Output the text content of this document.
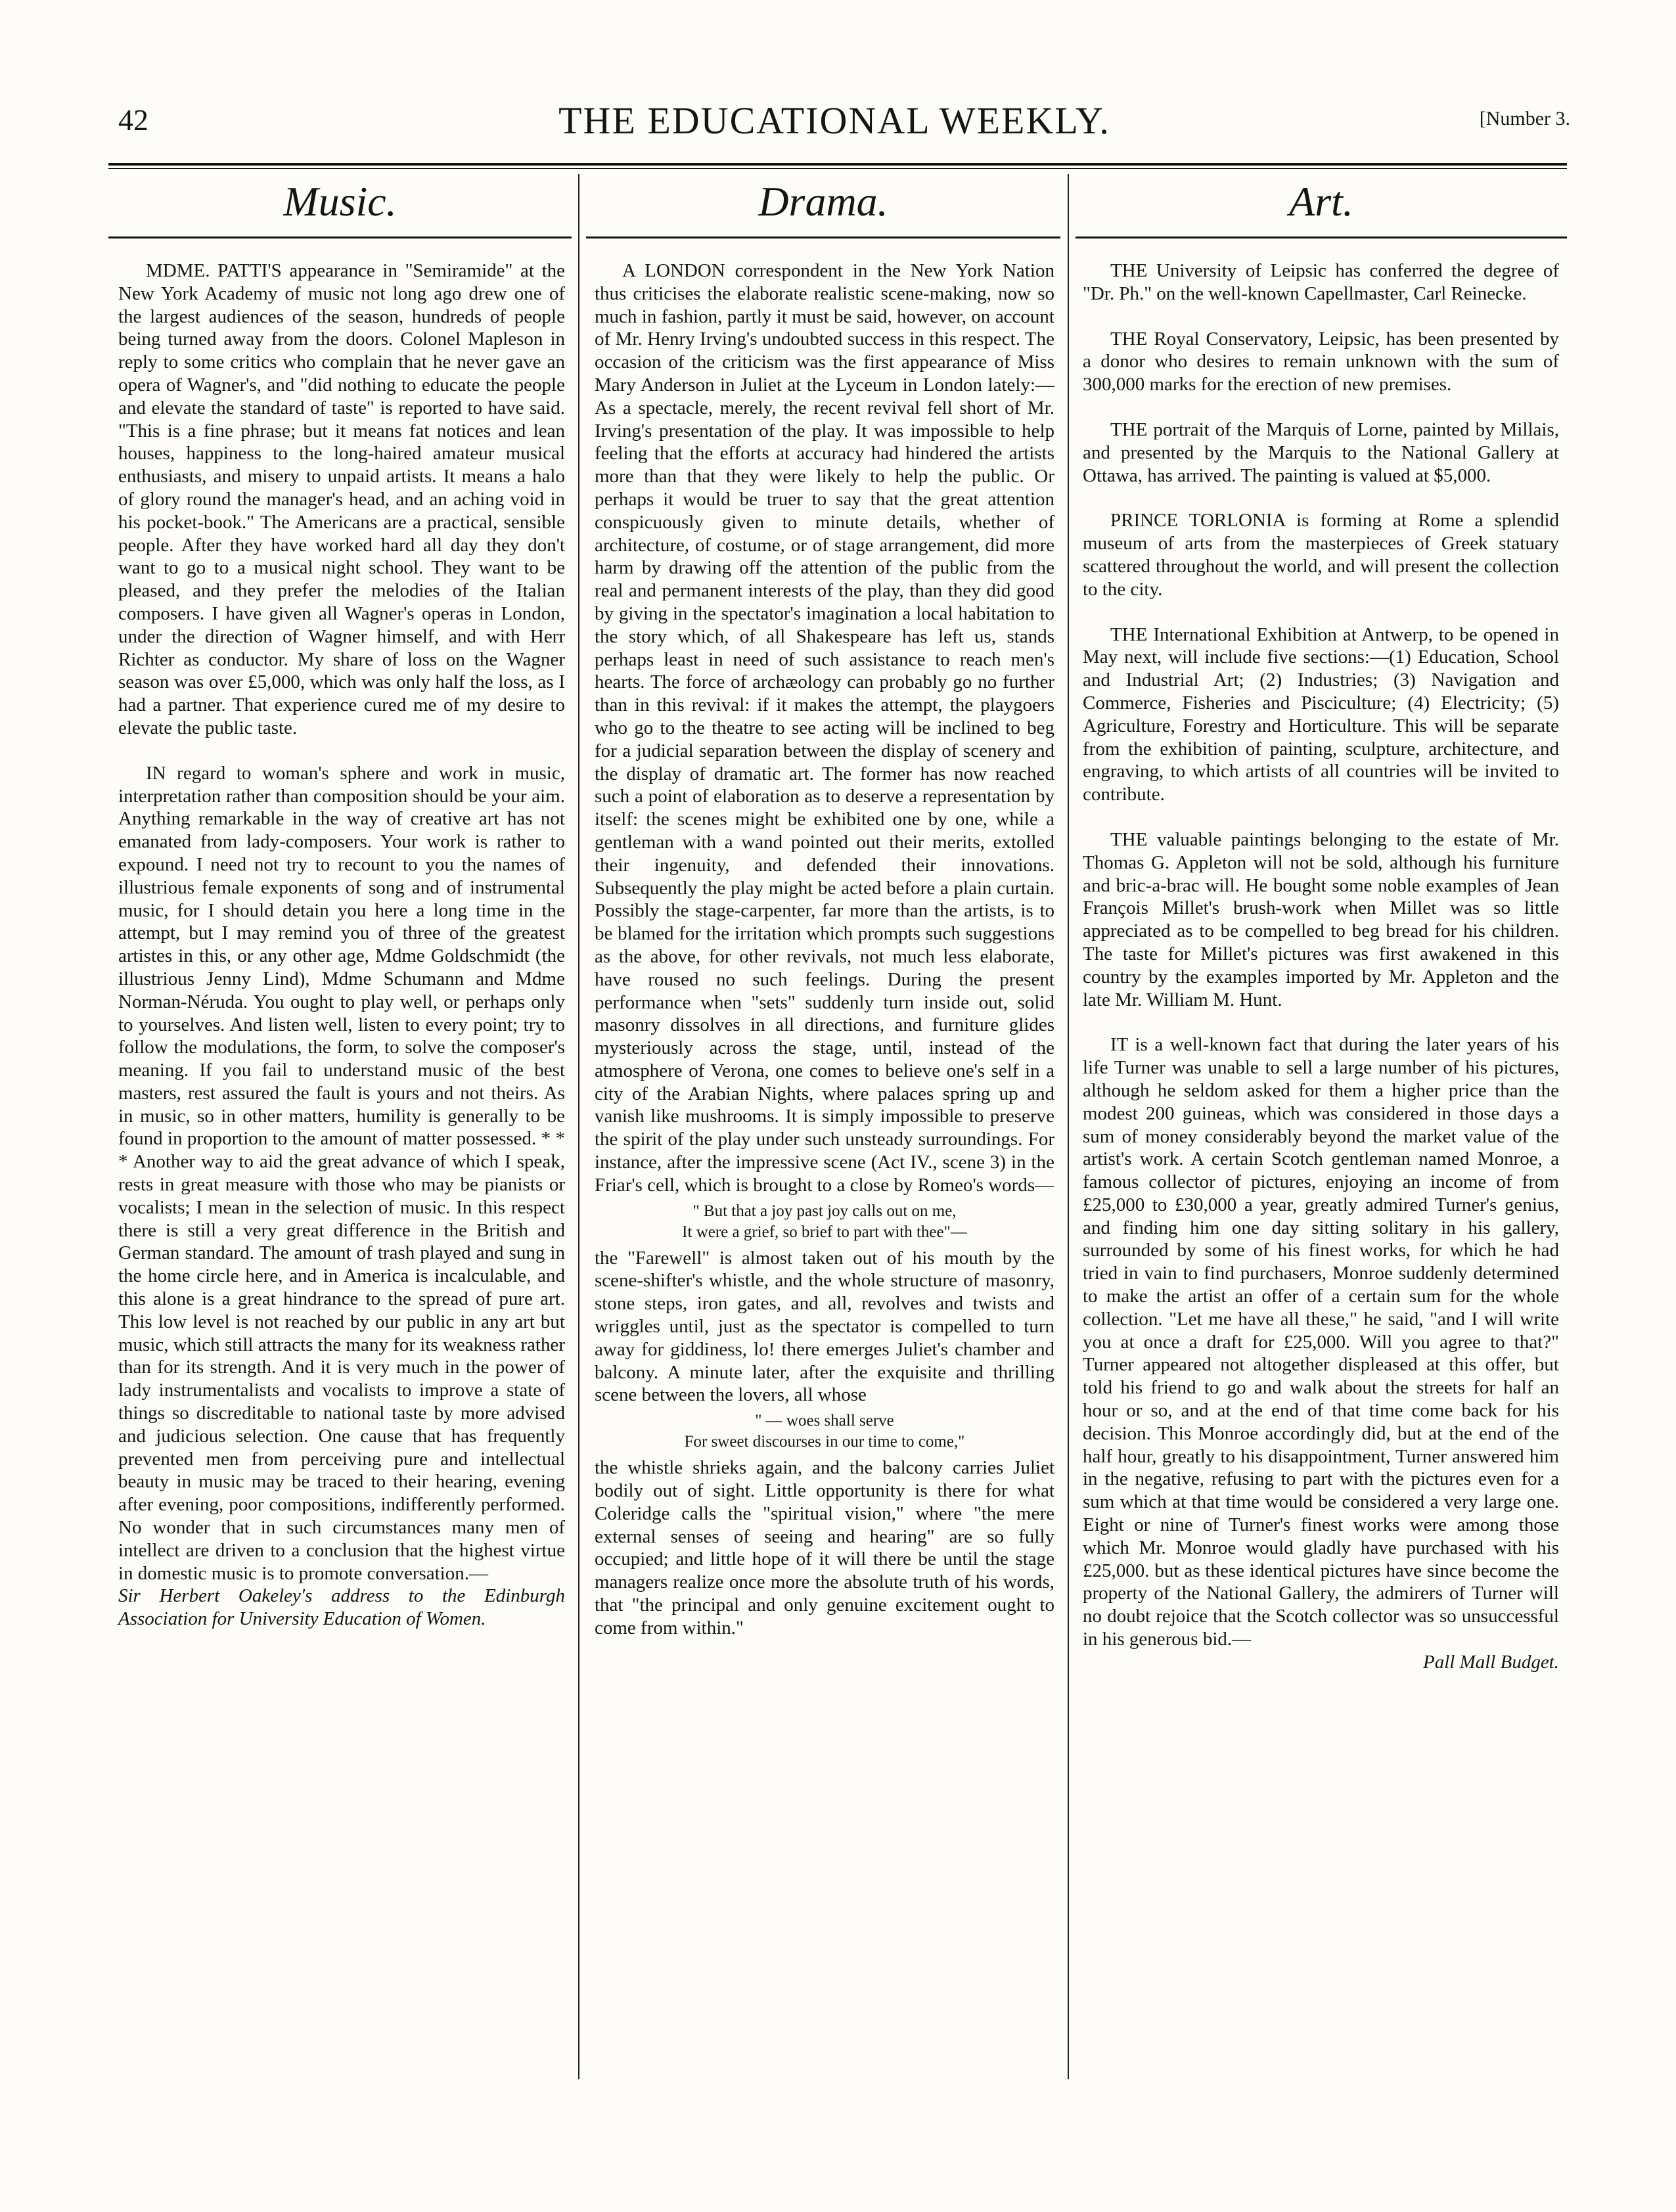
42	THE EDUCATIONAL WEEKLY.	[Number 3.
Music.	Drama.	Art.

MDME. PATTI'S appearance in "Semiramide" at the New York Academy of music not long ago drew one of the largest audiences of the season, hundreds of people being turned away from the doors. Colonel Mapleson in reply to some critics who complain that he never gave an opera of Wagner's, and "did nothing to educate the people and elevate the standard of taste" is reported to have said. "This is a fine phrase; but it means fat notices and lean houses, happiness to the long-haired amateur musical enthusiasts, and misery to unpaid artists. It means a halo of glory round the manager's head, and an aching void in his pocket-book." The Americans are a practical, sensible people. After they have worked hard all day they don't want to go to a musical night school. They want to be pleased, and they prefer the melodies of the Italian composers. I have given all Wagner's operas in London, under the direction of Wagner himself, and with Herr Richter as conductor. My share of loss on the Wagner season was over £5,000, which was only half the loss, as I had a partner. That experience cured me of my desire to elevate the public taste.

IN regard to woman's sphere and work in music, interpretation rather than composition should be your aim. Anything remarkable in the way of creative art has not emanated from lady-composers. Your work is rather to expound. I need not try to recount to you the names of illustrious female exponents of song and of instrumental music, for I should detain you here a long time in the attempt, but I may remind you of three of the greatest artistes in this, or any other age, Mdme Goldschmidt (the illustrious Jenny Lind), Mdme Schumann and Mdme Norman-Néruda. You ought to play well, or perhaps only to yourselves. And listen well, listen to every point; try to follow the modulations, the form, to solve the composer's meaning. If you fail to understand music of the best masters, rest assured the fault is yours and not theirs. As in music, so in other matters, humility is generally to be found in proportion to the amount of matter possessed. * * * Another way to aid the great advance of which I speak, rests in great measure with those who may be pianists or vocalists; I mean in the selection of music. In this respect there is still a very great difference in the British and German standard. The amount of trash played and sung in the home circle here, and in America is incalculable, and this alone is a great hindrance to the spread of pure art. This low level is not reached by our public in any art but music, which still attracts the many for its weakness rather than for its strength. And it is very much in the power of lady instrumentalists and vocalists to improve a state of things so discreditable to national taste by more advised and judicious selection. One cause that has frequently prevented men from perceiving pure and intellectual beauty in music may be traced to their hearing, evening after evening, poor compositions, indifferently performed. No wonder that in such circumstances many men of intellect are driven to a conclusion that the highest virtue in domestic music is to promote conversation.—

Sir Herbert Oakeley's address to the Edinburgh Association for University Education of Women.

A LONDON correspondent in the New York Nation thus criticises the elaborate realistic scene-making, now so much in fashion, partly it must be said, however, on account of Mr. Henry Irving's undoubted success in this respect. The occasion of the criticism was the first appearance of Miss Mary Anderson in Juliet at the Lyceum in London lately:—As a spectacle, merely, the recent revival fell short of Mr. Irving's presentation of the play. It was impossible to help feeling that the efforts at accuracy had hindered the artists more than that they were likely to help the public. Or perhaps it would be truer to say that the great attention conspicuously given to minute details, whether of architecture, of costume, or of stage arrangement, did more harm by drawing off the attention of the public from the real and permanent interests of the play, than they did good by giving in the spectator's imagination a local habitation to the story which, of all Shakespeare has left us, stands perhaps least in need of such assistance to reach men's hearts. The force of archæology can probably go no further than in this revival: if it makes the attempt, the playgoers who go to the theatre to see acting will be inclined to beg for a judicial separation between the display of scenery and the display of dramatic art. The former has now reached such a point of elaboration as to deserve a representation by itself: the scenes might be exhibited one by one, while a gentleman with a wand pointed out their merits, extolled their ingenuity, and defended their innovations. Subsequently the play might be acted before a plain curtain. Possibly the stage-carpenter, far more than the artists, is to be blamed for the irritation which prompts such suggestions as the above, for other revivals, not much less elaborate, have roused no such feelings. During the present performance when "sets" suddenly turn inside out, solid masonry dissolves in all directions, and furniture glides mysteriously across the stage, until, instead of the atmosphere of Verona, one comes to believe one's self in a city of the Arabian Nights, where palaces spring up and vanish like mushrooms. It is simply impossible to preserve the spirit of the play under such unsteady surroundings. For instance, after the impressive scene (Act IV., scene 3) in the Friar's cell, which is brought to a close by Romeo's words—

" But that a joy past joy calls out on me,
It were a grief, so brief to part with thee"—

the "Farewell" is almost taken out of his mouth by the scene-shifter's whistle, and the whole structure of masonry, stone steps, iron gates, and all, revolves and twists and wriggles until, just as the spectator is compelled to turn away for giddiness, lo! there emerges Juliet's chamber and balcony. A minute later, after the exquisite and thrilling scene between the lovers, all whose

" — woes shall serve
For sweet discourses in our time to come,"

the whistle shrieks again, and the balcony carries Juliet bodily out of sight. Little opportunity is there for what Coleridge calls the "spiritual vision," where "the mere external senses of seeing and hearing" are so fully occupied; and little hope of it will there be until the stage managers realize once more the absolute truth of his words, that "the principal and only genuine excitement ought to come from within."

THE University of Leipsic has conferred the degree of "Dr. Ph." on the well-known Capellmaster, Carl Reinecke.

THE Royal Conservatory, Leipsic, has been presented by a donor who desires to remain unknown with the sum of 300,000 marks for the erection of new premises.

THE portrait of the Marquis of Lorne, painted by Millais, and presented by the Marquis to the National Gallery at Ottawa, has arrived. The painting is valued at $5,000.

PRINCE TORLONIA is forming at Rome a splendid museum of arts from the masterpieces of Greek statuary scattered throughout the world, and will present the collection to the city.

THE International Exhibition at Antwerp, to be opened in May next, will include five sections:—(1) Education, School and Industrial Art; (2) Industries; (3) Navigation and Commerce, Fisheries and Pisciculture; (4) Electricity; (5) Agriculture, Forestry and Horticulture. This will be separate from the exhibition of painting, sculpture, architecture, and engraving, to which artists of all countries will be invited to contribute.

THE valuable paintings belonging to the estate of Mr. Thomas G. Appleton will not be sold, although his furniture and bric-a-brac will. He bought some noble examples of Jean François Millet's brush-work when Millet was so little appreciated as to be compelled to beg bread for his children. The taste for Millet's pictures was first awakened in this country by the examples imported by Mr. Appleton and the late Mr. William M. Hunt.

IT is a well-known fact that during the later years of his life Turner was unable to sell a large number of his pictures, although he seldom asked for them a higher price than the modest 200 guineas, which was considered in those days a sum of money considerably beyond the market value of the artist's work. A certain Scotch gentleman named Monroe, a famous collector of pictures, enjoying an income of from £25,000 to £30,000 a year, greatly admired Turner's genius, and finding him one day sitting solitary in his gallery, surrounded by some of his finest works, for which he had tried in vain to find purchasers, Monroe suddenly determined to make the artist an offer of a certain sum for the whole collection. "Let me have all these," he said, "and I will write you at once a draft for £25,000. Will you agree to that?" Turner appeared not altogether displeased at this offer, but told his friend to go and walk about the streets for half an hour or so, and at the end of that time come back for his decision. This Monroe accordingly did, but at the end of the half hour, greatly to his disappointment, Turner answered him in the negative, refusing to part with the pictures even for a sum which at that time would be considered a very large one. Eight or nine of Turner's finest works were among those which Mr. Monroe would gladly have purchased with his £25,000. but as these identical pictures have since become the property of the National Gallery, the admirers of Turner will no doubt rejoice that the Scotch collector was so unsuccessful in his generous bid.—

Pall Mall Budget.
